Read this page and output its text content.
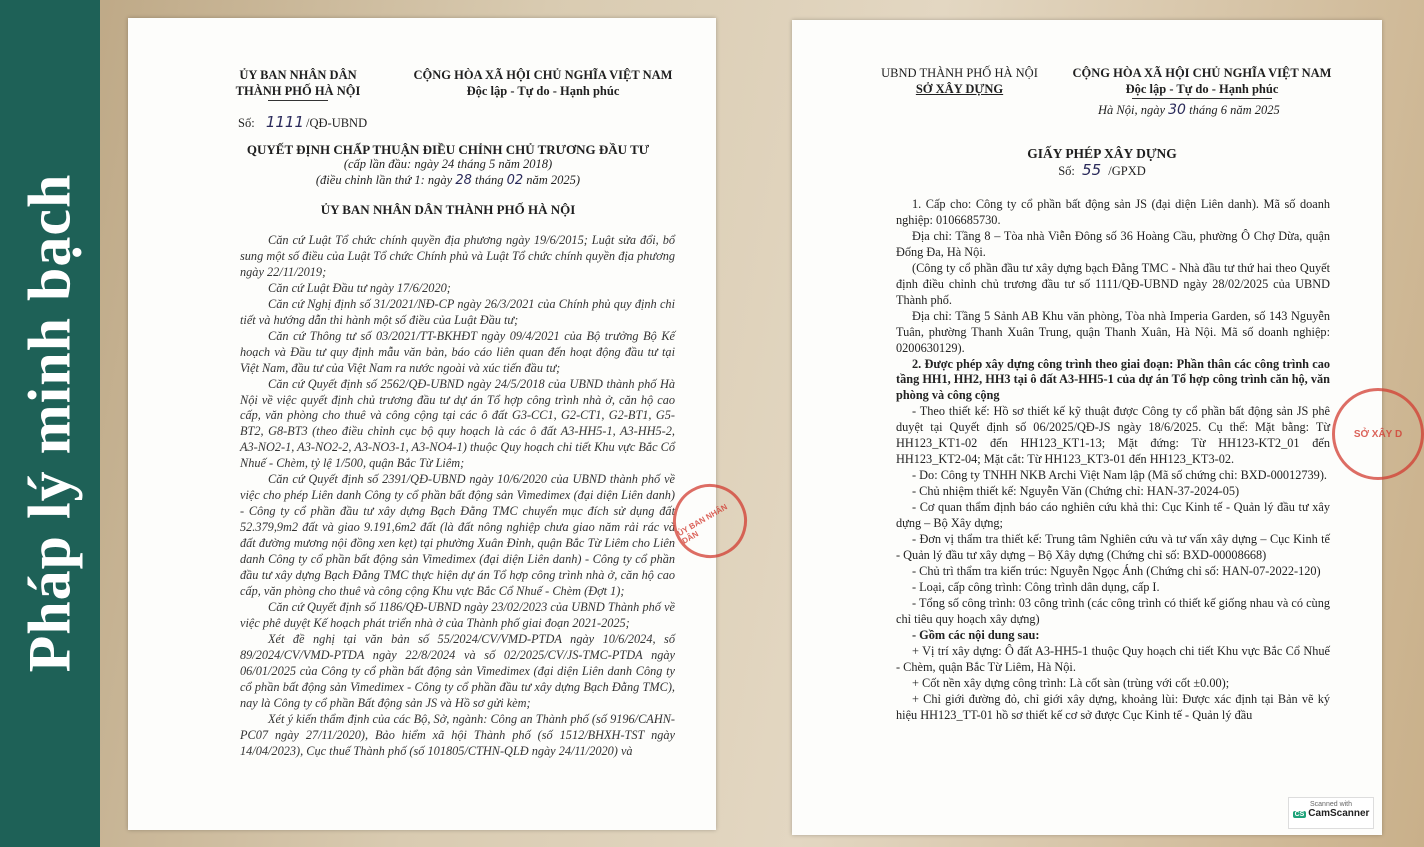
Pháp lý minh bạch
ỦY BAN NHÂN DÂN
THÀNH PHỐ HÀ NỘI
CỘNG HÒA XÃ HỘI CHỦ NGHĨA VIỆT NAM
Độc lập - Tự do - Hạnh phúc
Số: 1111 /QĐ-UBND
QUYẾT ĐỊNH CHẤP THUẬN ĐIỀU CHỈNH CHỦ TRƯƠNG ĐẦU TƯ
(cấp lần đầu: ngày 24 tháng 5 năm 2018)
(điều chỉnh lần thứ 1: ngày 28 tháng 02 năm 2025)
ỦY BAN NHÂN DÂN THÀNH PHỐ HÀ NỘI

Căn cứ Luật Tổ chức chính quyền địa phương ngày 19/6/2015; Luật sửa đổi, bổ sung một số điều của Luật Tổ chức Chính phủ và Luật Tổ chức chính quyền địa phương ngày 22/11/2019;

Căn cứ Luật Đầu tư ngày 17/6/2020;

Căn cứ Nghị định số 31/2021/NĐ-CP ngày 26/3/2021 của Chính phủ quy định chi tiết và hướng dẫn thi hành một số điều của Luật Đầu tư;

Căn cứ Thông tư số 03/2021/TT-BKHĐT ngày 09/4/2021 của Bộ trưởng Bộ Kế hoạch và Đầu tư quy định mẫu văn bản, báo cáo liên quan đến hoạt động đầu tư tại Việt Nam, đầu tư của Việt Nam ra nước ngoài và xúc tiến đầu tư;

Căn cứ Quyết định số 2562/QĐ-UBND ngày 24/5/2018 của UBND thành phố Hà Nội về việc quyết định chủ trương đầu tư dự án Tổ hợp công trình nhà ở, căn hộ cao cấp, văn phòng cho thuê và công cộng tại các ô đất G3-CC1, G2-CT1, G2-BT1, G5-BT2, G8-BT3 (theo điều chỉnh cục bộ quy hoạch là các ô đất A3-HH5-1, A3-HH5-2, A3-NO2-1, A3-NO2-2, A3-NO3-1, A3-NO4-1) thuộc Quy hoạch chi tiết Khu vực Bắc Cổ Nhuế - Chèm, tỷ lệ 1/500, quận Bắc Từ Liêm;

Căn cứ Quyết định số 2391/QĐ-UBND ngày 10/6/2020 của UBND thành phố về việc cho phép Liên danh Công ty cổ phần bất động sản Vimedimex (đại diện Liên danh) - Công ty cổ phần đầu tư xây dựng Bạch Đằng TMC chuyển mục đích sử dụng đất 52.379,9m2 đất và giao 9.191,6m2 đất (là đất nông nghiệp chưa giao năm rải rác và đất đường mương nội đồng xen kẹt) tại phường Xuân Đỉnh, quận Bắc Từ Liêm cho Liên danh Công ty cổ phần bất động sản Vimedimex (đại diện Liên danh) - Công ty cổ phần đầu tư xây dựng Bạch Đằng TMC thực hiện dự án Tổ hợp công trình nhà ở, căn hộ cao cấp, văn phòng cho thuê và công cộng Khu vực Bắc Cổ Nhuế - Chèm (Đợt 1);

Căn cứ Quyết định số 1186/QĐ-UBND ngày 23/02/2023 của UBND Thành phố về việc phê duyệt Kế hoạch phát triển nhà ở của Thành phố giai đoạn 2021-2025;

Xét đề nghị tại văn bản số 55/2024/CV/VMD-PTDA ngày 10/6/2024, số 89/2024/CV/VMD-PTDA ngày 22/8/2024 và số 02/2025/CV/JS-TMC-PTDA ngày 06/01/2025 của Công ty cổ phần bất động sản Vimedimex (đại diện Liên danh Công ty cổ phần bất động sản Vimedimex - Công ty cổ phần đầu tư xây dựng Bạch Đằng TMC), nay là Công ty cổ phần Bất động sản JS và Hồ sơ gửi kèm;

Xét ý kiến thẩm định của các Bộ, Sở, ngành: Công an Thành phố (số 9196/CAHN-PC07 ngày 27/11/2020), Bảo hiểm xã hội Thành phố (số 1512/BHXH-TST ngày 14/04/2023), Cục thuế Thành phố (số 101805/CTHN-QLĐ ngày 24/11/2020) và

ỦY BAN NHÂN DÂN
UBND THÀNH PHỐ HÀ NỘI
SỞ XÂY DỰNG
CỘNG HÒA XÃ HỘI CHỦ NGHĨA VIỆT NAM
Độc lập - Tự do - Hạnh phúc
Hà Nội, ngày 30 tháng 6 năm 2025
GIẤY PHÉP XÂY DỰNG
Số: 55 /GPXD

1. Cấp cho: Công ty cổ phần bất động sản JS (đại diện Liên danh). Mã số doanh nghiệp: 0106685730.

Địa chỉ: Tầng 8 – Tòa nhà Viễn Đông số 36 Hoàng Cầu, phường Ô Chợ Dừa, quận Đống Đa, Hà Nội.

(Công ty cổ phần đầu tư xây dựng bạch Đằng TMC - Nhà đầu tư thứ hai theo Quyết định điều chỉnh chủ trương đầu tư số 1111/QĐ-UBND ngày 28/02/2025 của UBND Thành phố.

Địa chỉ: Tầng 5 Sảnh AB Khu văn phòng, Tòa nhà Imperia Garden, số 143 Nguyễn Tuân, phường Thanh Xuân Trung, quận Thanh Xuân, Hà Nội. Mã số doanh nghiệp: 0200630129).

2. Được phép xây dựng công trình theo giai đoạn: Phần thân các công trình cao tầng HH1, HH2, HH3 tại ô đất A3-HH5-1 của dự án Tổ hợp công trình căn hộ, văn phòng và công cộng

- Theo thiết kế: Hồ sơ thiết kế kỹ thuật được Công ty cổ phần bất động sản JS phê duyệt tại Quyết định số 06/2025/QĐ-JS ngày 18/6/2025. Cụ thể: Mặt bằng: Từ HH123_KT1-02 đến HH123_KT1-13; Mặt đứng: Từ HH123-KT2_01 đến HH123_KT2-04; Mặt cắt: Từ HH123_KT3-01 đến HH123_KT3-02.

- Do: Công ty TNHH NKB Archi Việt Nam lập (Mã số chứng chỉ: BXD-00012739).

- Chủ nhiệm thiết kế: Nguyễn Văn (Chứng chỉ: HAN-37-2024-05)

- Cơ quan thẩm định báo cáo nghiên cứu khả thi: Cục Kinh tế - Quản lý đầu tư xây dựng – Bộ Xây dựng;

- Đơn vị thẩm tra thiết kế: Trung tâm Nghiên cứu và tư vấn xây dựng – Cục Kinh tế - Quản lý đầu tư xây dựng – Bộ Xây dựng (Chứng chỉ số: BXD-00008668)

- Chủ trì thẩm tra kiến trúc: Nguyễn Ngọc Ánh (Chứng chỉ số: HAN-07-2022-120)

- Loại, cấp công trình: Công trình dân dụng, cấp I.

- Tổng số công trình: 03 công trình (các công trình có thiết kế giống nhau và có cùng chỉ tiêu quy hoạch xây dựng)

- Gồm các nội dung sau:

+ Vị trí xây dựng: Ô đất A3-HH5-1 thuộc Quy hoạch chi tiết Khu vực Bắc Cổ Nhuế - Chèm, quận Bắc Từ Liêm, Hà Nội.

+ Cốt nền xây dựng công trình: Là cốt sàn (trùng với cốt ±0.00);

+ Chỉ giới đường đỏ, chỉ giới xây dựng, khoảng lùi: Được xác định tại Bản vẽ ký hiệu HH123_TT-01 hồ sơ thiết kế cơ sở được Cục Kinh tế - Quản lý đầu

SỞ XÂY D
Scanned with
CS CamScanner
